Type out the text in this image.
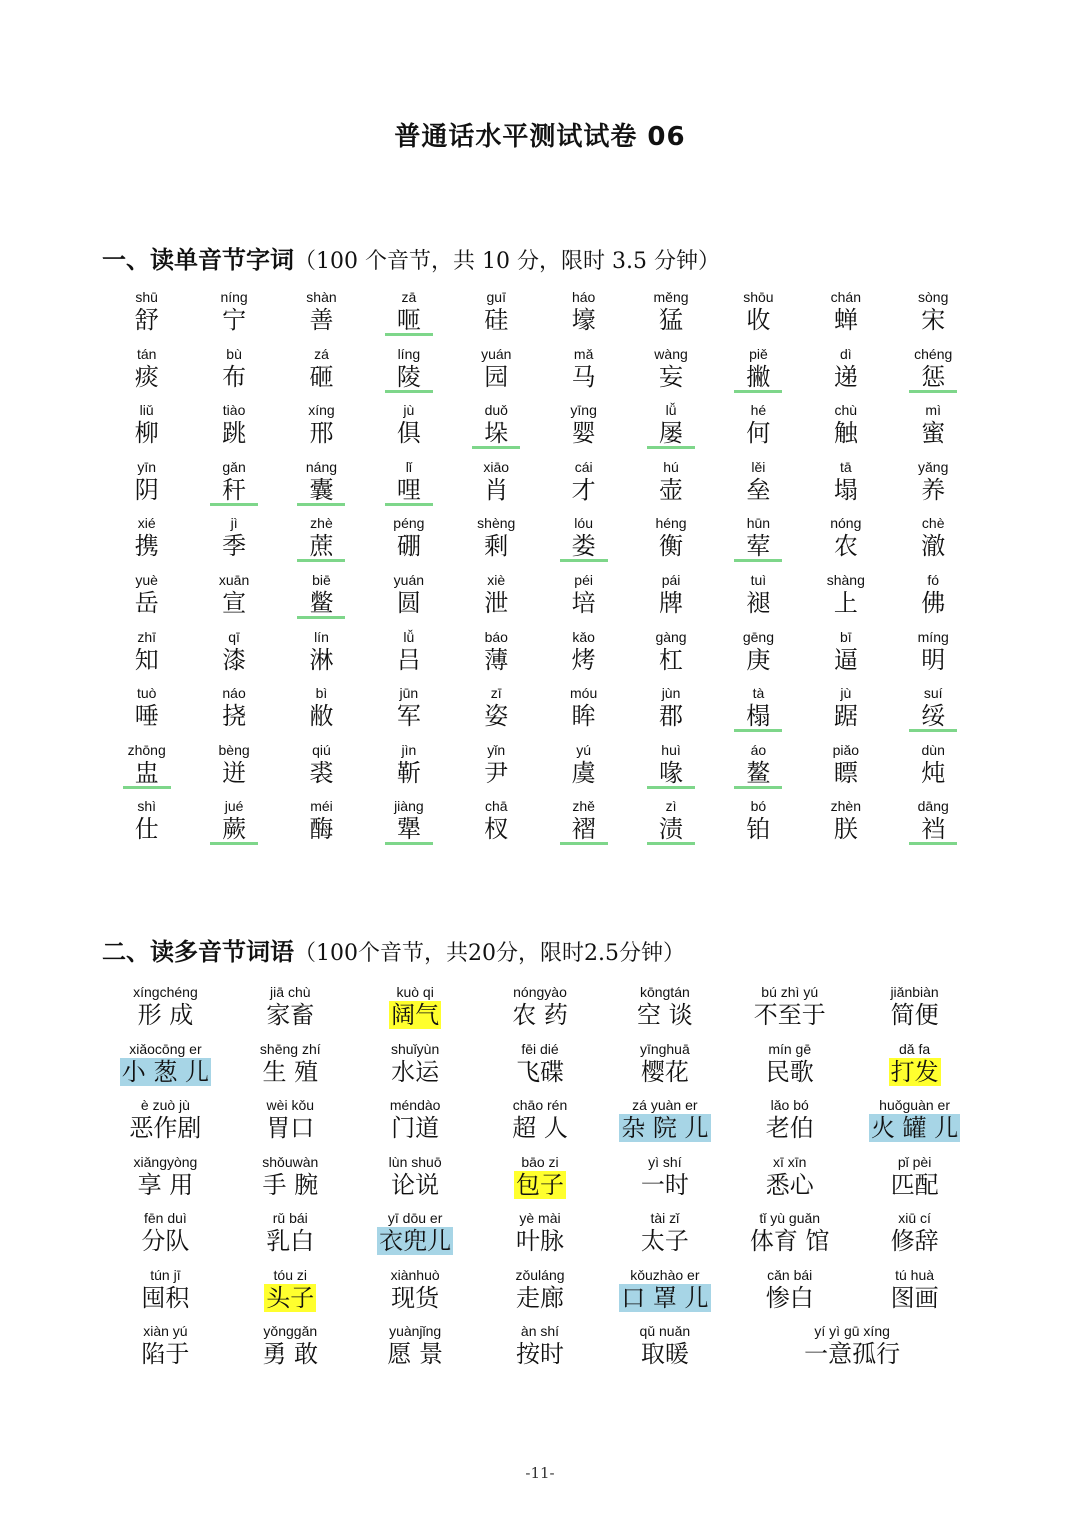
普通话水平测试试卷 06
一、读单音节字词（100 个音节，共 10 分，限时 3.5 分钟）
shū
舒
níng
宁
shàn
善
zā
咂
guī
硅
háo
壕
měng
猛
shōu
收
chán
蝉
sòng
宋
tán
痰
bù
布
zá
砸
líng
陵
yuán
园
mǎ
马
wàng
妄
piě
撇
dì
递
chéng
惩
liǔ
柳
tiào
跳
xíng
邢
jù
俱
duǒ
垛
yīng
婴
lǚ
屡
hé
何
chù
触
mì
蜜
yīn
阴
gǎn
秆
náng
囊
lǐ
哩
xiāo
肖
cái
才
hú
壶
lěi
垒
tā
塌
yǎng
养
xié
携
jì
季
zhè
蔗
péng
硼
shèng
剩
lóu
娄
héng
衡
hūn
荤
nóng
农
chè
澈
yuè
岳
xuān
宣
biē
鳖
yuán
圆
xiè
泄
péi
培
pái
牌
tuì
褪
shàng
上
fó
佛
zhī
知
qī
漆
lín
淋
lǚ
吕
báo
薄
kǎo
烤
gàng
杠
gēng
庚
bī
逼
míng
明
tuò
唾
náo
挠
bì
敝
jūn
军
zī
姿
móu
眸
jùn
郡
tà
榻
jù
踞
suí
绥
zhōng
盅
bèng
迸
qiú
裘
jìn
靳
yǐn
尹
yú
虞
huì
喙
áo
鳌
piǎo
瞟
dùn
炖
shì
仕
jué
蕨
méi
酶
jiàng
犟
chā
杈
zhě
褶
zì
渍
bó
铂
zhèn
朕
dāng
裆
二、读多音节词语（100个音节，共20分，限时2.5分钟）
xíngchéng
形 成
jiā chù
家畜
kuò qi
阔气
nóngyào
农 药
kōngtán
空 谈
bú zhì yú
不至于
jiǎnbiàn
简便
xiǎocōng er
小 葱 儿
shēng zhí
生 殖
shuǐyùn
水运
fēi dié
飞碟
yīnghuā
樱花
mín gē
民歌
dǎ fa
打发
è zuò jù
恶作剧
wèi kǒu
胃口
méndào
门道
chāo rén
超 人
zá yuàn er
杂 院 儿
lǎo bó
老伯
huǒguàn er
火 罐 儿
xiǎngyòng
享 用
shǒuwàn
手 腕
lùn shuō
论说
bāo zi
包子
yì shí
一时
xī xīn
悉心
pǐ pèi
匹配
fēn duì
分队
rǔ bái
乳白
yī dōu er
衣兜儿
yè mài
叶脉
tài zǐ
太子
tǐ yù guǎn
体育 馆
xiū cí
修辞
tún jī
囤积
tóu zi
头子
xiànhuò
现货
zǒuláng
走廊
kǒuzhào er
口 罩 儿
cǎn bái
惨白
tú huà
图画
xiàn yú
陷于
yǒnggǎn
勇 敢
yuànjǐng
愿 景
àn shí
按时
qǔ nuǎn
取暖
yí yì gū xíng
一意孤行
-11-
